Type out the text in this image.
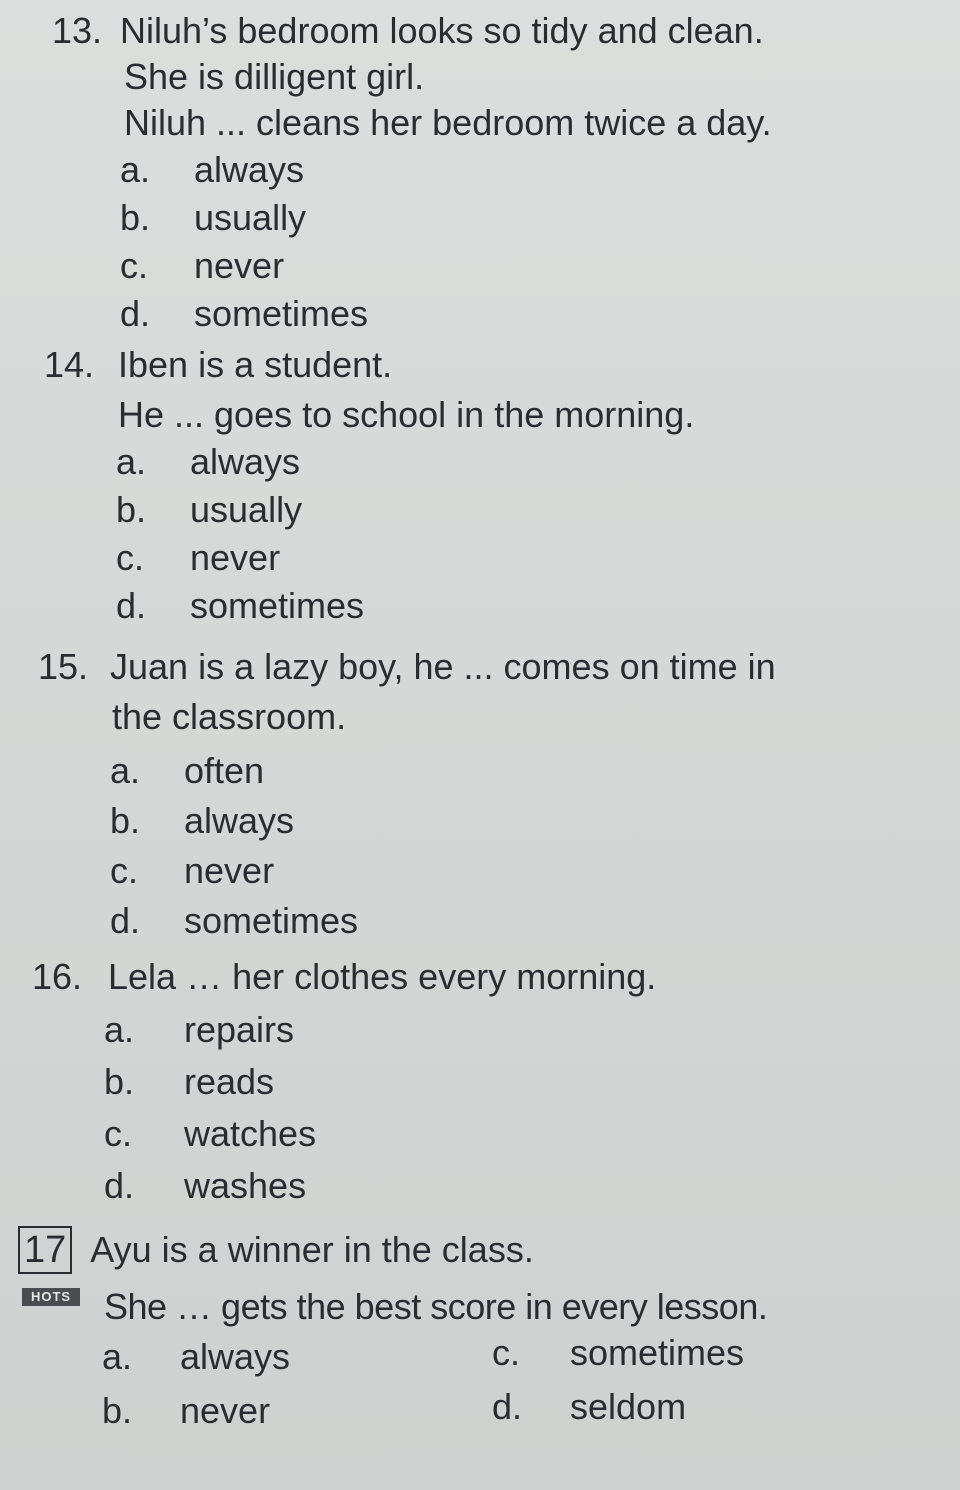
13. Niluh’s bedroom looks so tidy and clean.
She is dilligent girl.
Niluh ... cleans her bedroom twice a day.
a. always
b. usually
c. never
d. sometimes
14. Iben is a student.
He ... goes to school in the morning.
a. always
b. usually
c. never
d. sometimes
15. Juan is a lazy boy, he ... comes on time in
the classroom.
a. often
b. always
c. never
d. sometimes
16. Lela … her clothes every morning.
a. repairs
b. reads
c. watches
d. washes
17 Ayu is a winner in the class.
She … gets the best score in every lesson.
HOTS
a. always	c. sometimes
b. never	d. seldom
